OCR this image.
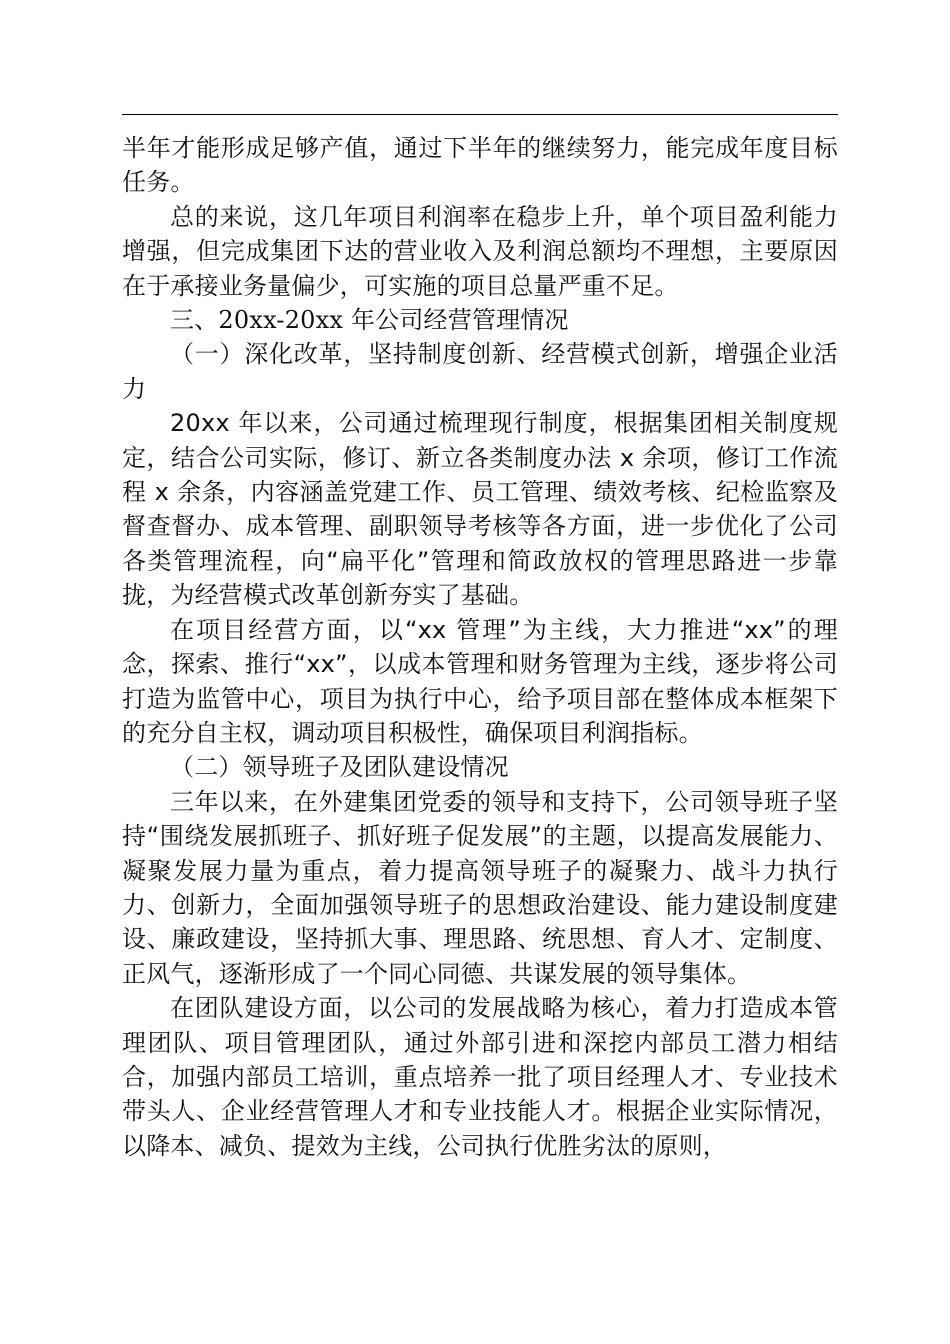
半年才能形成足够产值，通过下半年的继续努力，能完成年度目标任务。

总的来说，这几年项目利润率在稳步上升，单个项目盈利能力增强，但完成集团下达的营业收入及利润总额均不理想，主要原因在于承接业务量偏少，可实施的项目总量严重不足。

三、20xx-20xx 年公司经营管理情况

（一）深化改革，坚持制度创新、经营模式创新，增强企业活力

20xx 年以来，公司通过梳理现行制度，根据集团相关制度规定，结合公司实际，修订、新立各类制度办法 x 余项，修订工作流程 x 余条，内容涵盖党建工作、员工管理、绩效考核、纪检监察及督查督办、成本管理、副职领导考核等各方面，进一步优化了公司各类管理流程，向“扁平化”管理和简政放权的管理思路进一步靠拢，为经营模式改革创新夯实了基础。

在项目经营方面，以“xx 管理”为主线，大力推进“xx”的理念，探索、推行“xx”，以成本管理和财务管理为主线，逐步将公司打造为监管中心，项目为执行中心，给予项目部在整体成本框架下的充分自主权，调动项目积极性，确保项目利润指标。

（二）领导班子及团队建设情况

三年以来，在外建集团党委的领导和支持下，公司领导班子坚持“围绕发展抓班子、抓好班子促发展”的主题，以提高发展能力、凝聚发展力量为重点，着力提高领导班子的凝聚力、战斗力执行力、创新力，全面加强领导班子的思想政治建设、能力建设制度建设、廉政建设，坚持抓大事、理思路、统思想、育人才、定制度、正风气，逐渐形成了一个同心同德、共谋发展的领导集体。

在团队建设方面，以公司的发展战略为核心，着力打造成本管理团队、项目管理团队，通过外部引进和深挖内部员工潜力相结合，加强内部员工培训，重点培养一批了项目经理人才、专业技术带头人、企业经营管理人才和专业技能人才。根据企业实际情况，以降本、减负、提效为主线，公司执行优胜劣汰的原则，
